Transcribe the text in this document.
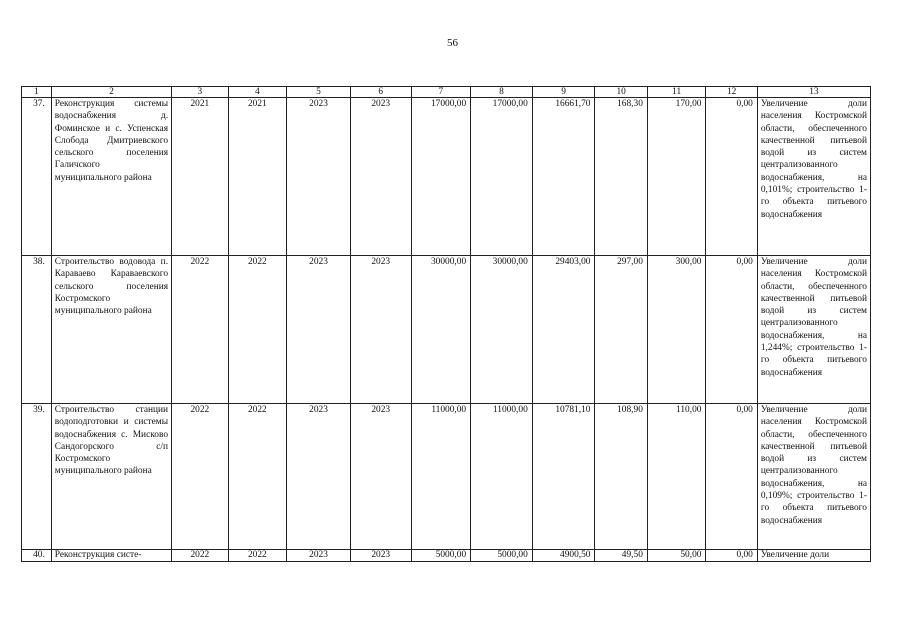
56
1	2	3	4	5	6	7	8	9	10	11	12	13
37.	Реконструкция системы водоснабжения д. Фоминское и с. Успенская Слобода Дмитриевского сельского поселения Галичского муниципального района	2021	2021	2023	2023	17000,00	17000,00	16661,70	168,30	170,00	0,00	Увеличение доли населения Костромской области, обеспеченного качественной питьевой водой из систем централизованного водоснабжения, на 0,101%; строительство 1-го объекта питьевого водоснабжения
38.	Строительство водовода п. Караваево Караваевского сельского поселения Костромского муниципального района	2022	2022	2023	2023	30000,00	30000,00	29403,00	297,00	300,00	0,00	Увеличение доли населения Костромской области, обеспеченного качественной питьевой водой из систем централизованного водоснабжения, на 1,244%; строительство 1-го объекта питьевого водоснабжения
39.	Строительство станции водоподготовки и системы водоснабжения с. Мисково Сандогорского с/п Костромского муниципального района	2022	2022	2023	2023	11000,00	11000,00	10781,10	108,90	110,00	0,00	Увеличение доли населения Костромской области, обеспеченного качественной питьевой водой из систем централизованного водоснабжения, на 0,109%; строительство 1-го объекта питьевого водоснабжения
40.	Реконструкция систе-	2022	2022	2023	2023	5000,00	5000,00	4900,50	49,50	50,00	0,00	Увеличение доли
